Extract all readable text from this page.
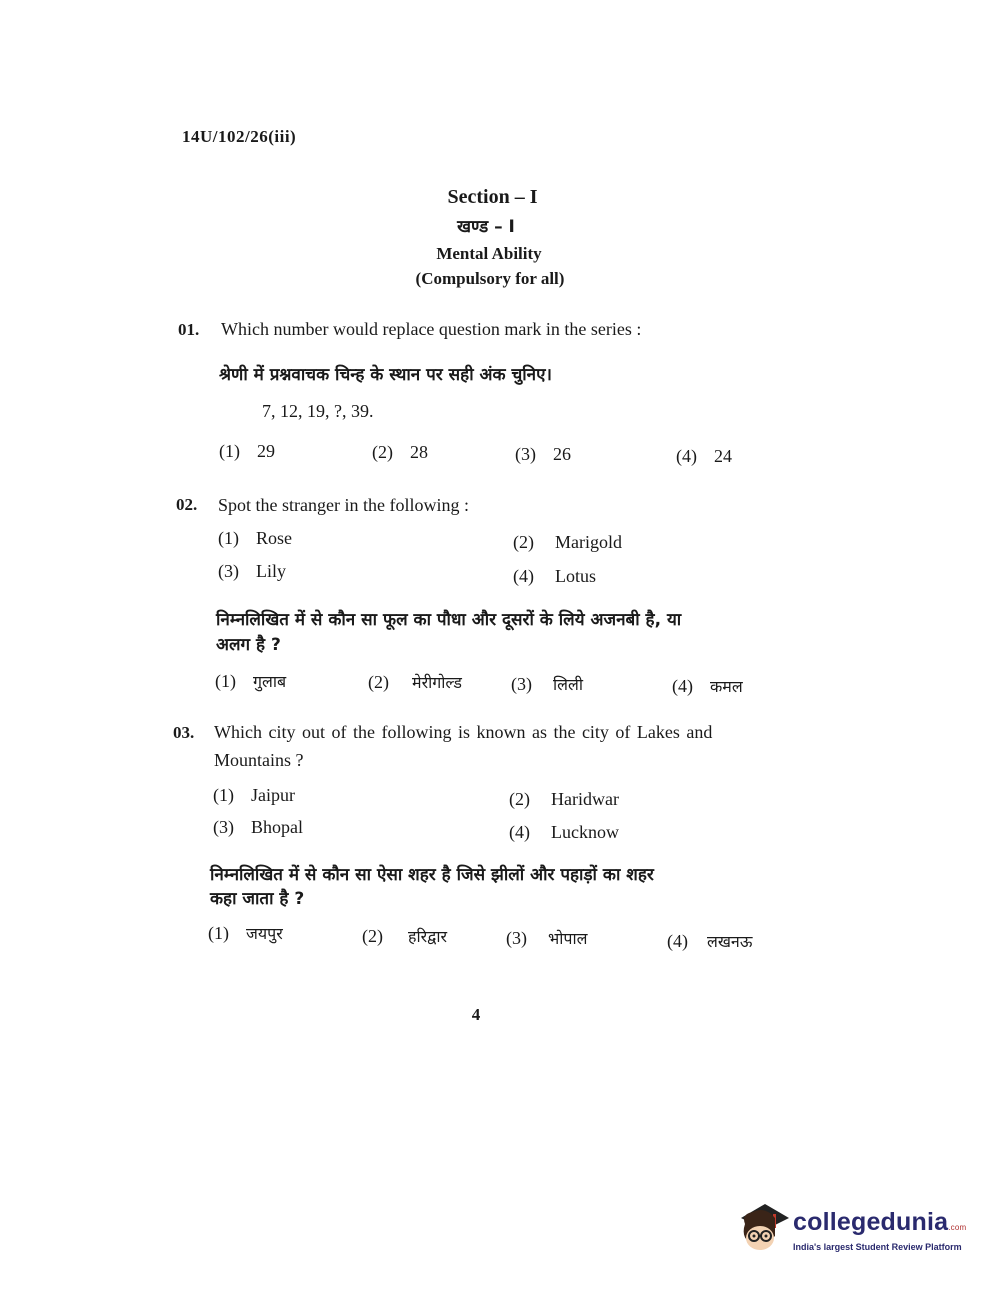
14U/102/26(iii)
Section – I
खण्ड – I
Mental Ability
(Compulsory for all)
01. Which number would replace question mark in the series :
श्रेणी में प्रश्नवाचक चिन्ह के स्थान पर सही अंक चुनिए।
7, 12, 19, ?, 39.
(1) 29	(2) 28	(3) 26	(4) 24
02. Spot the stranger in the following :
(1) Rose	(2) Marigold
(3) Lily	(4) Lotus
निम्नलिखित में से कौन सा फूल का पौधा और दूसरों के लिये अजनबी है, या
अलग है ?
(1) गुलाब	(2) मेरीगोल्ड	(3) लिली	(4) कमल
03. Which city out of the following is known as the city of Lakes and
Mountains ?
(1) Jaipur	(2) Haridwar
(3) Bhopal	(4) Lucknow
निम्नलिखित में से कौन सा ऐसा शहर है जिसे झीलों और पहाड़ों का शहर
कहा जाता है ?
(1) जयपुर	(2) हरिद्वार	(3) भोपाल	(4) लखनऊ
4
collegedunia.com
India's largest Student Review Platform
